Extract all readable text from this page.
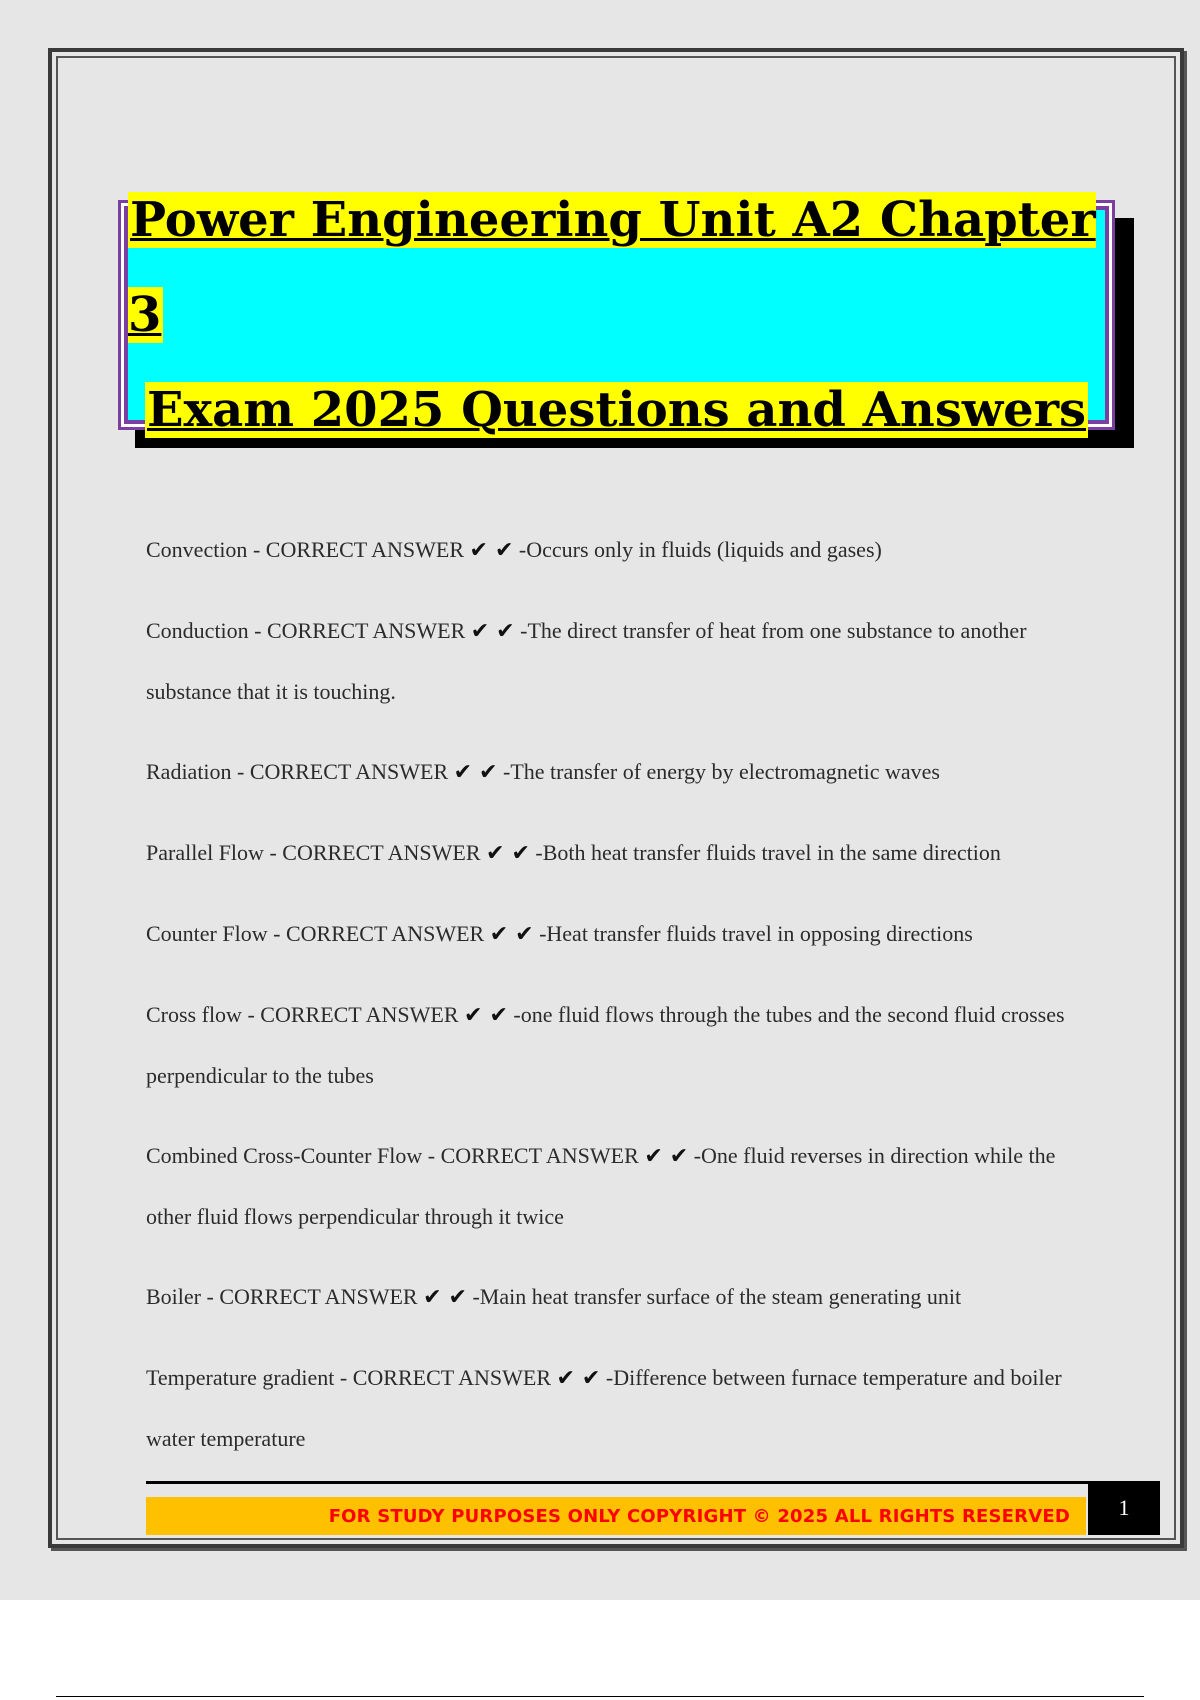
Power Engineering Unit A2 Chapter 3
Exam 2025 Questions and Answers
Convection - CORRECT ANSWER ✔ ✔ -Occurs only in fluids (liquids and gases)
Conduction - CORRECT ANSWER ✔ ✔ -The direct transfer of heat from one substance to another substance that it is touching.
Radiation - CORRECT ANSWER ✔ ✔ -The transfer of energy by electromagnetic waves
Parallel Flow - CORRECT ANSWER ✔ ✔ -Both heat transfer fluids travel in the same direction
Counter Flow - CORRECT ANSWER ✔ ✔ -Heat transfer fluids travel in opposing directions
Cross flow - CORRECT ANSWER ✔ ✔ -one fluid flows through the tubes and the second fluid crosses perpendicular to the tubes
Combined Cross-Counter Flow - CORRECT ANSWER ✔ ✔ -One fluid reverses in direction while the other fluid flows perpendicular through it twice
Boiler - CORRECT ANSWER ✔ ✔ -Main heat transfer surface of the steam generating unit
Temperature gradient - CORRECT ANSWER ✔ ✔ -Difference between furnace temperature and boiler water temperature
FOR STUDY PURPOSES ONLY COPYRIGHT © 2025 ALL RIGHTS RESERVED	1
